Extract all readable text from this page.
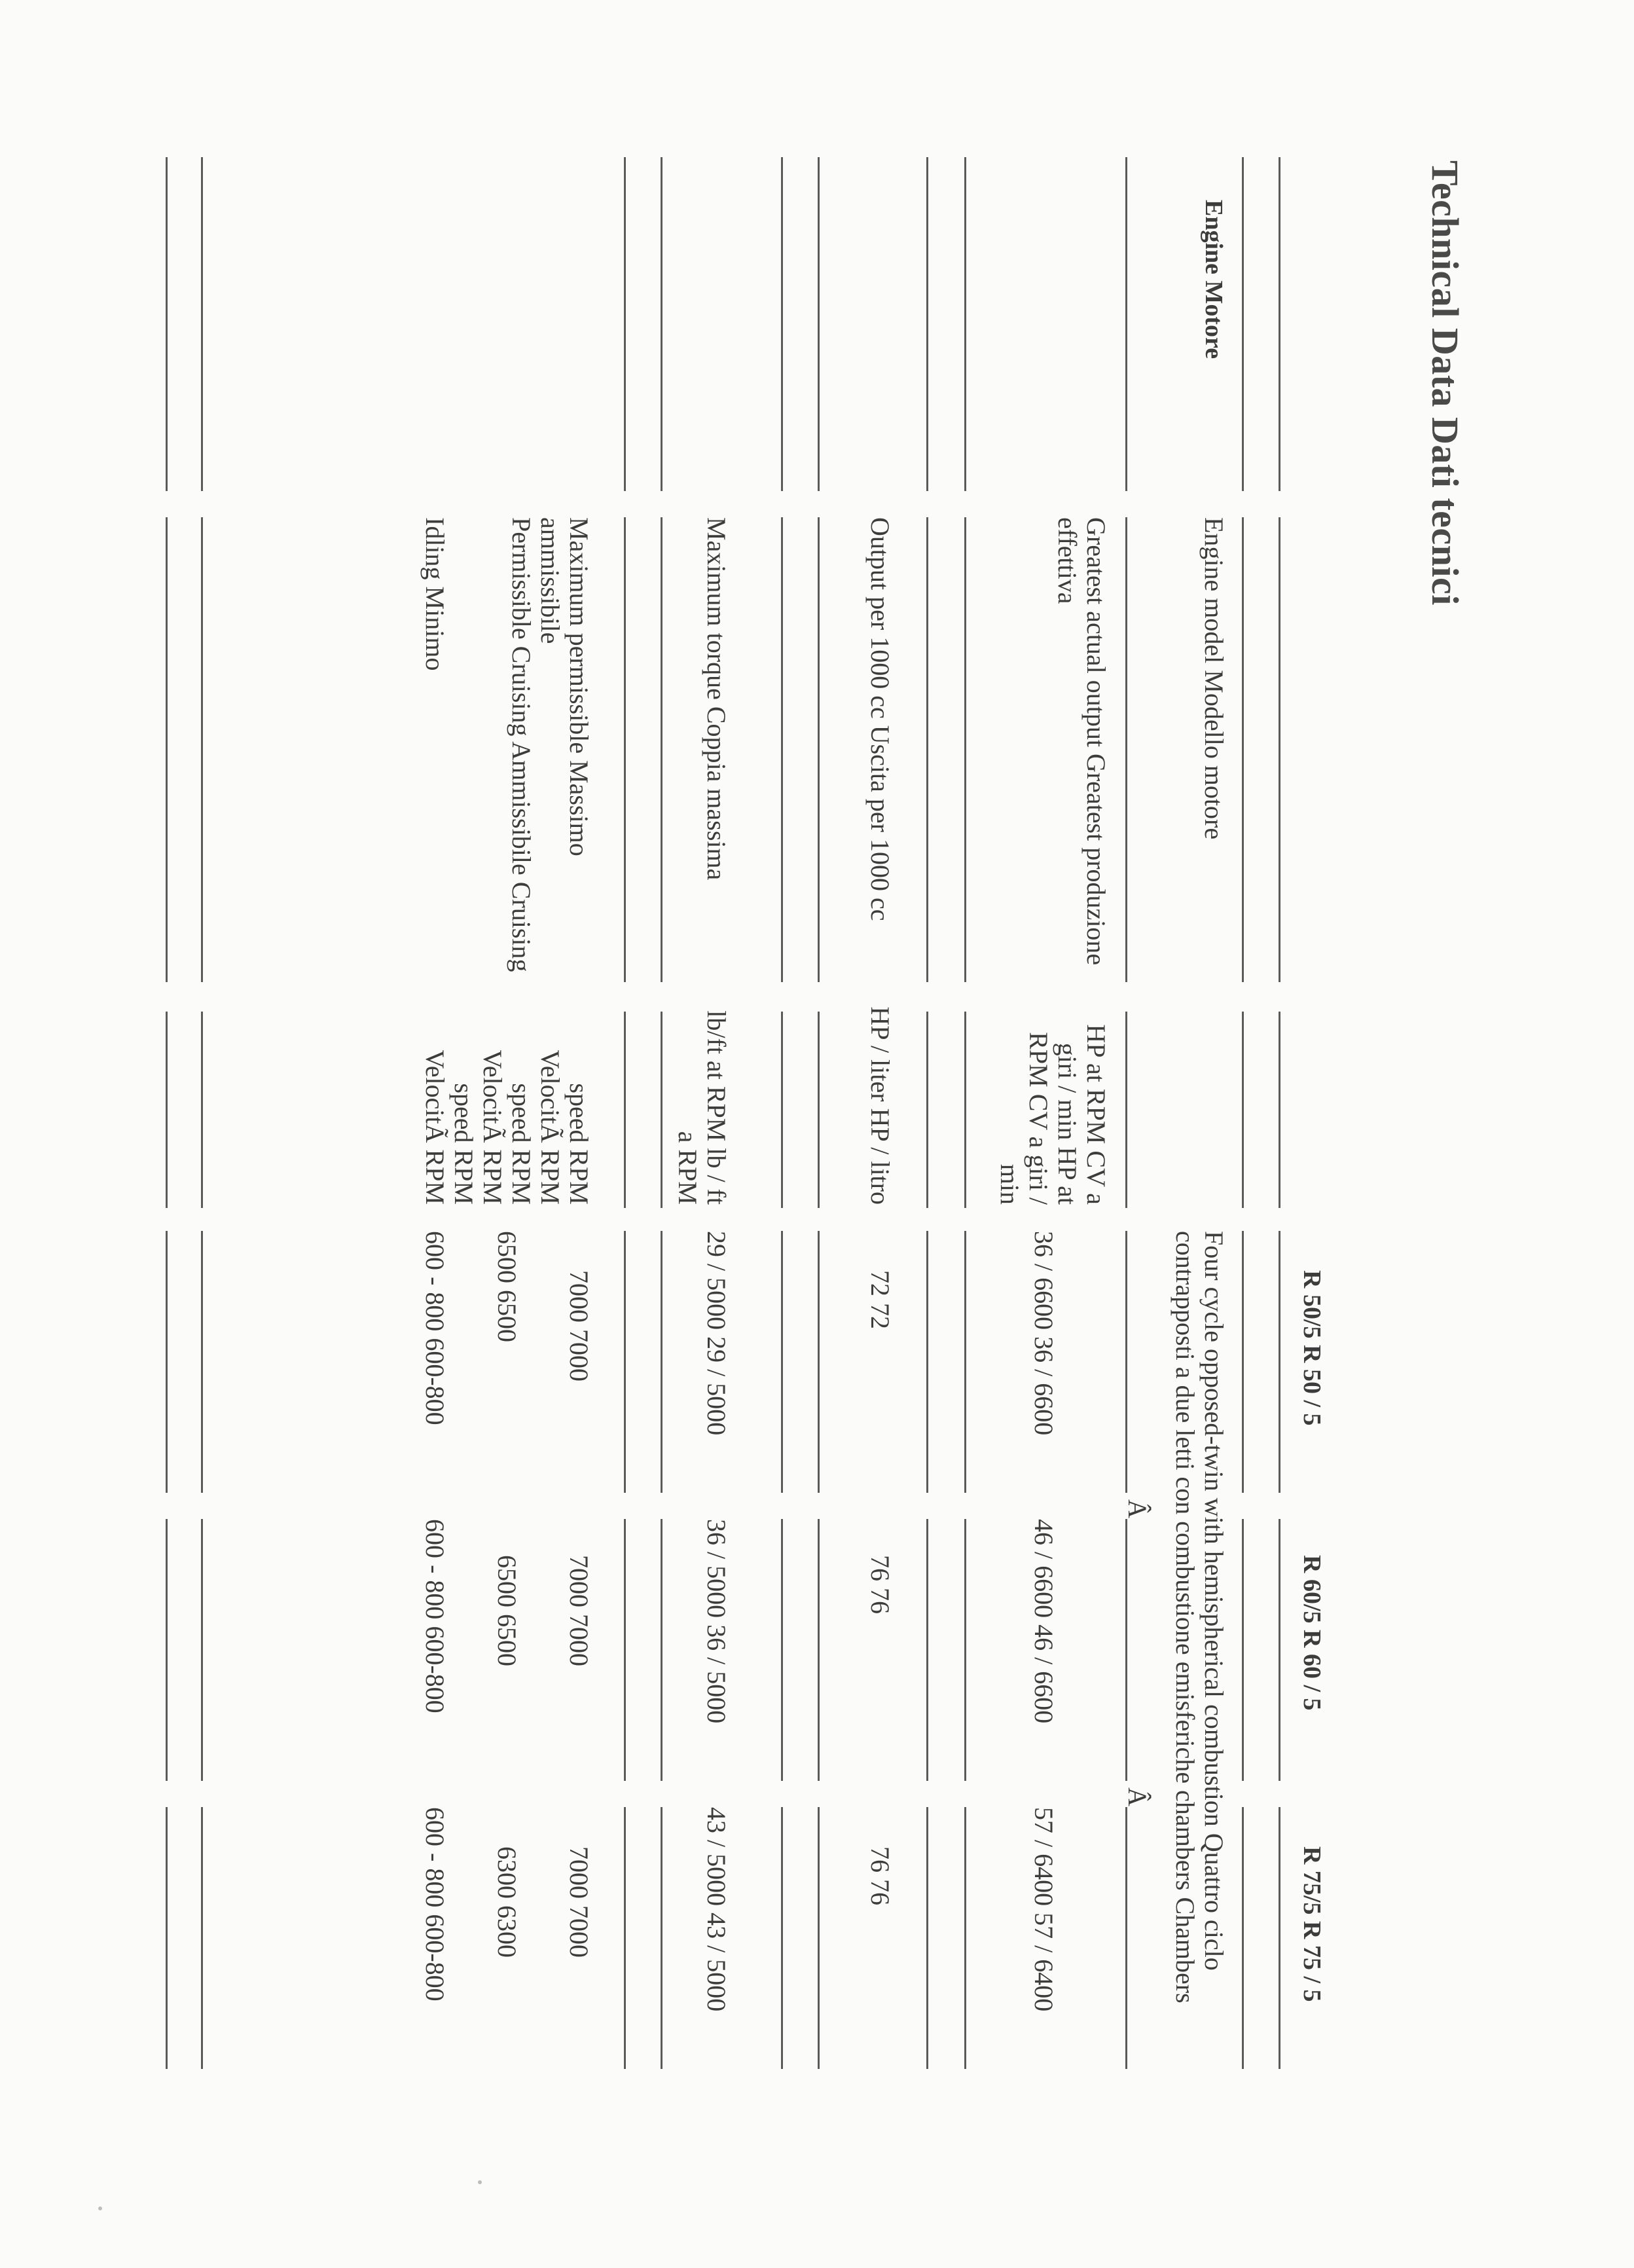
Technical Data Dati tecnici
R 50/5 R 50 / 5
R 60/5 R 60 / 5
R 75/5 R 75 / 5
Engine Motore
Engine model Modello motore
Four cycle opposed-twin with hemispherical combustion Quattro ciclo contrapposti a due letti con combustione emisferiche chambers Chambers
Â
Â
Greatest actual output Greatest produzione effettiva
HP at RPM CV a giri / min HP at RPM CV a giri / min
36 / 6600 36 / 6600
46 / 6600 46 / 6600
57 / 6400 57 / 6400
Output per 1000 cc Uscita per 1000 cc
HP / liter HP / litro
72 72
76 76
76 76
Maximum torque Coppia massima
lb/ft at RPM lb / ft a RPM
29 / 5000 29 / 5000
36 / 5000 36 / 5000
43 / 5000 43 / 5000
Maximum permissible Massimo ammissibile
Permissible Cruising Ammissibile Cruising
Idling Minimo
speed RPM VelocitÃ RPM
speed RPM VelocitÃ RPM
speed RPM VelocitÃ RPM
7000 7000
6500 6500
600 - 800 600-800
7000 7000
6500 6500
600 - 800 600-800
7000 7000
6300 6300
600 - 800 600-800
